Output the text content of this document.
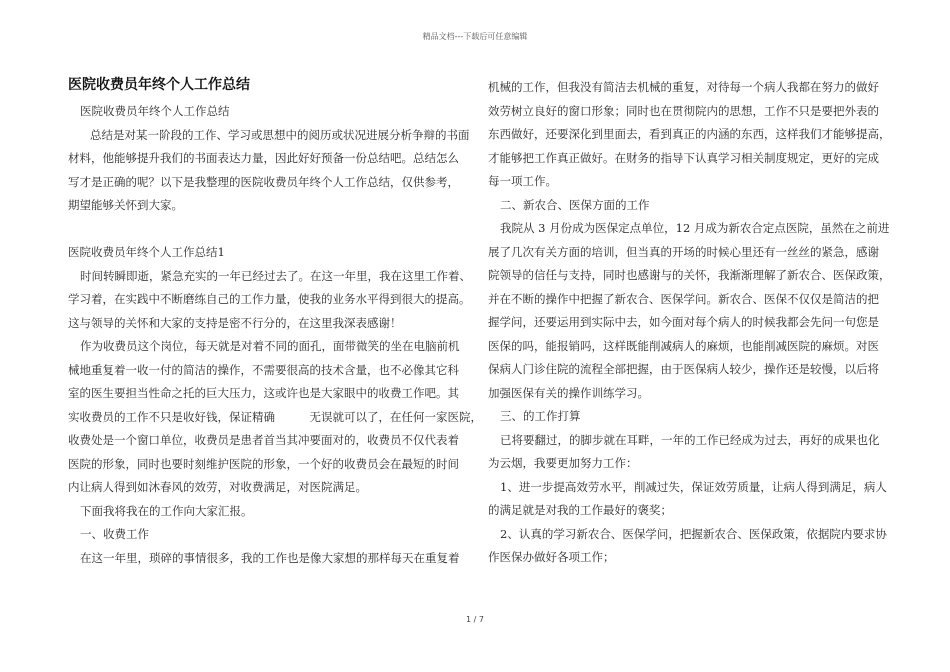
精品文档---下载后可任意编辑
医院收费员年终个人工作总结
医院收费员年终个人工作总结
总结是对某一阶段的工作、学习或思想中的阅历或状况进展分析争辩的书面
材料，他能够提升我们的书面表达力量，因此好好预备一份总结吧。总结怎么
写才是正确的呢？以下是我整理的医院收费员年终个人工作总结，仅供参考，
期望能够关怀到大家。
医院收费员年终个人工作总结1
时间转瞬即逝，紧急充实的一年已经过去了。在这一年里，我在这里工作着、
学习着，在实践中不断磨练自己的工作力量，使我的业务水平得到很大的提高。
这与领导的关怀和大家的支持是密不行分的，在这里我深表感谢！
作为收费员这个岗位，每天就是对着不同的面孔，面带微笑的坐在电脑前机
械地重复着一收一付的简洁的操作，不需要很高的技术含量，也不必像其它科
室的医生要担当性命之托的巨大压力，这或许也是大家眼中的收费工作吧。其
实收费员的工作不只是收好钱，保证精确　　　无误就可以了，在任何一家医院，
收费处是一个窗口单位，收费员是患者首当其冲要面对的，收费员不仅代表着
医院的形象，同时也要时刻维护医院的形象，一个好的收费员会在最短的时间
内让病人得到如沐春风的效劳，对收费满足，对医院满足。
下面我将我在的工作向大家汇报。
一、收费工作
在这一年里，琐碎的事情很多，我的工作也是像大家想的那样每天在重复着
机械的工作，但我没有简洁去机械的重复，对待每一个病人我都在努力的做好
效劳树立良好的窗口形象；同时也在贯彻院内的思想，工作不只是要把外表的
东西做好，还要深化到里面去，看到真正的内涵的东西，这样我们才能够提高，
才能够把工作真正做好。在财务的指导下认真学习相关制度规定，更好的完成
每一项工作。
二、新农合、医保方面的工作
我院从 3 月份成为医保定点单位，12 月成为新农合定点医院，虽然在之前进
展了几次有关方面的培训，但当真的开场的时候心里还有一丝丝的紧急，感谢
院领导的信任与支持，同时也感谢与的关怀，我渐渐理解了新农合、医保政策，
并在不断的操作中把握了新农合、医保学问。新农合、医保不仅仅是简洁的把
握学问，还要运用到实际中去，如今面对每个病人的时候我都会先问一句您是
医保的吗，能报销吗，这样既能削减病人的麻烦，也能削减医院的麻烦。对医
保病人门诊住院的流程全部把握，由于医保病人较少，操作还是较慢，以后将
加强医保有关的操作训练学习。
三、的工作打算
已将要翻过，的脚步就在耳畔，一年的工作已经成为过去，再好的成果也化
为云烟，我要更加努力工作：
1、进一步提高效劳水平，削减过失，保证效劳质量，让病人得到满足，病人
的满足就是对我的工作最好的褒奖；
2、认真的学习新农合、医保学问，把握新农合、医保政策，依据院内要求协
作医保办做好各项工作；
1 / 7
